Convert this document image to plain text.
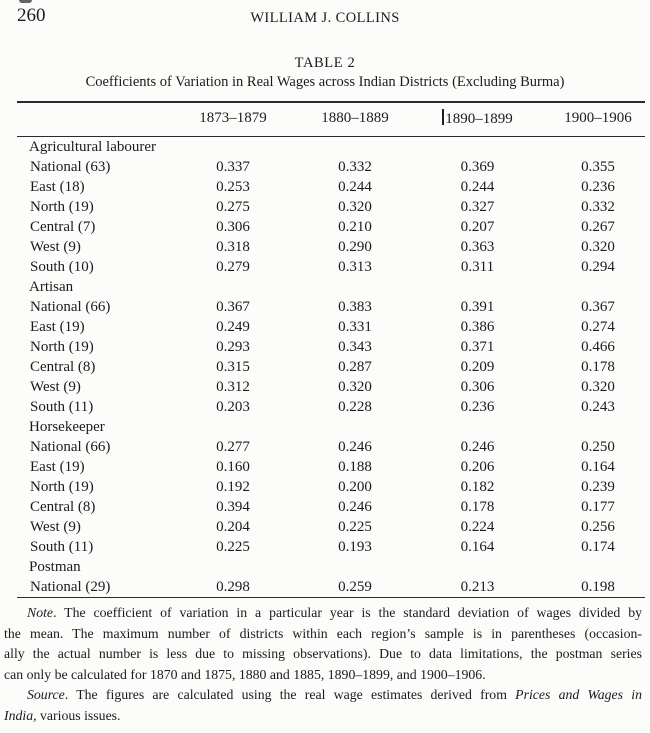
260	WILLIAM J. COLLINS
TABLE 2
Coefficients of Variation in Real Wages across Indian Districts (Excluding Burma)
	1873–1879	1880–1889	1890–1899	1900–1906
Agricultural labourer				
National (63)	0.337	0.332	0.369	0.355
East (18)	0.253	0.244	0.244	0.236
North (19)	0.275	0.320	0.327	0.332
Central (7)	0.306	0.210	0.207	0.267
West (9)	0.318	0.290	0.363	0.320
South (10)	0.279	0.313	0.311	0.294
Artisan				
National (66)	0.367	0.383	0.391	0.367
East (19)	0.249	0.331	0.386	0.274
North (19)	0.293	0.343	0.371	0.466
Central (8)	0.315	0.287	0.209	0.178
West (9)	0.312	0.320	0.306	0.320
South (11)	0.203	0.228	0.236	0.243
Horsekeeper				
National (66)	0.277	0.246	0.246	0.250
East (19)	0.160	0.188	0.206	0.164
North (19)	0.192	0.200	0.182	0.239
Central (8)	0.394	0.246	0.178	0.177
West (9)	0.204	0.225	0.224	0.256
South (11)	0.225	0.193	0.164	0.174
Postman				
National (29)	0.298	0.259	0.213	0.198
Note. The coefficient of variation in a particular year is the standard deviation of wages divided by
the mean. The maximum number of districts within each region’s sample is in parentheses (occasion-
ally the actual number is less due to missing observations). Due to data limitations, the postman series
can only be calculated for 1870 and 1875, 1880 and 1885, 1890–1899, and 1900–1906.
Source. The figures are calculated using the real wage estimates derived from Prices and Wages in
India, various issues.
